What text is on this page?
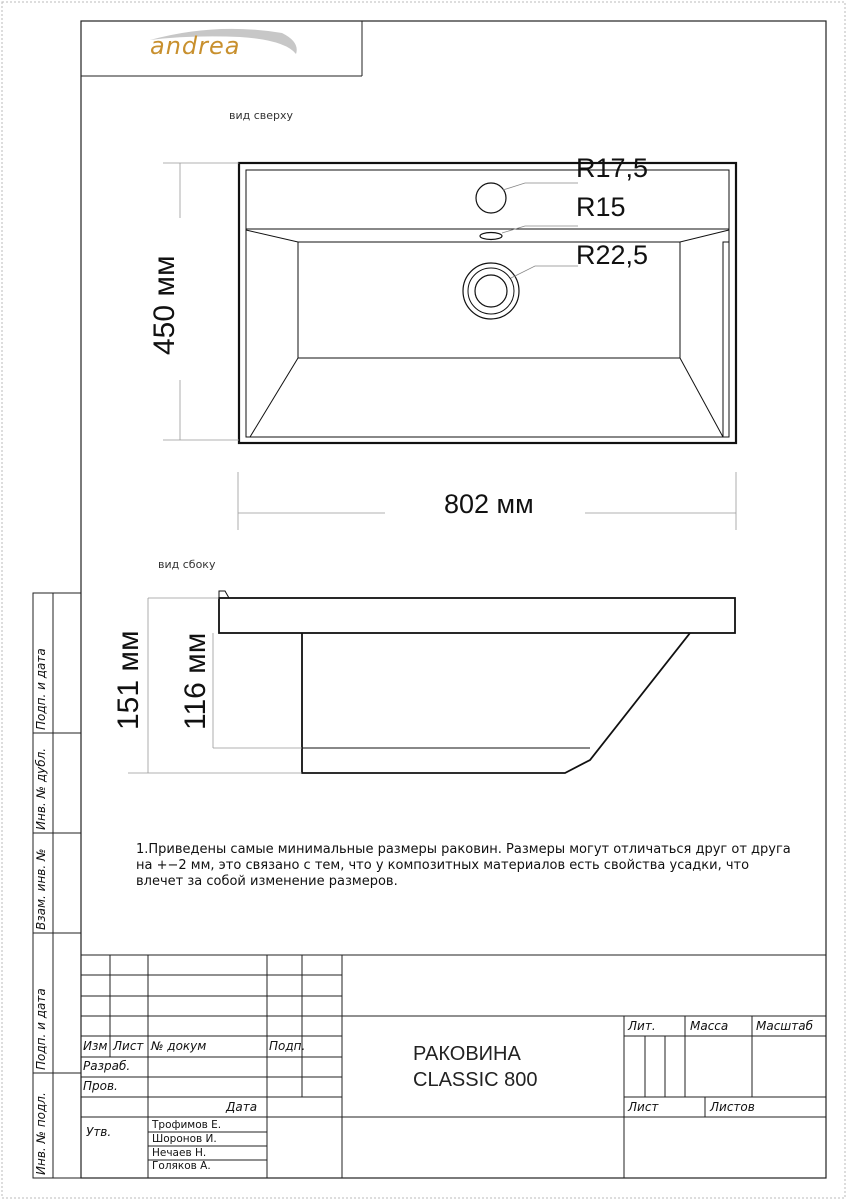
andrea
вид сверху
вид сбоку
R17,5
R15
R22,5
450 мм
802 мм
151 мм 116 мм
1.Приведены самые минимальные размеры раковин. Размеры могут отличаться друг от друга на +−2 мм, это связано с тем, что у композитных материалов есть свойства усадки, что влечет за собой изменение размеров.
Подп. и дата
Инв. № дубл.
Взам. инв. №
Подп. и дата
Инв. № подл.
Изм Лист № докум	Подп.
Разраб.
Пров.
Дата
Утв.	Трофимов Е.
Шоронов И.
Нечаев Н.
Голяков А.
РАКОВИНА
CLASSIC 800
Лит.	Масса Масштаб
Лист	Листов
